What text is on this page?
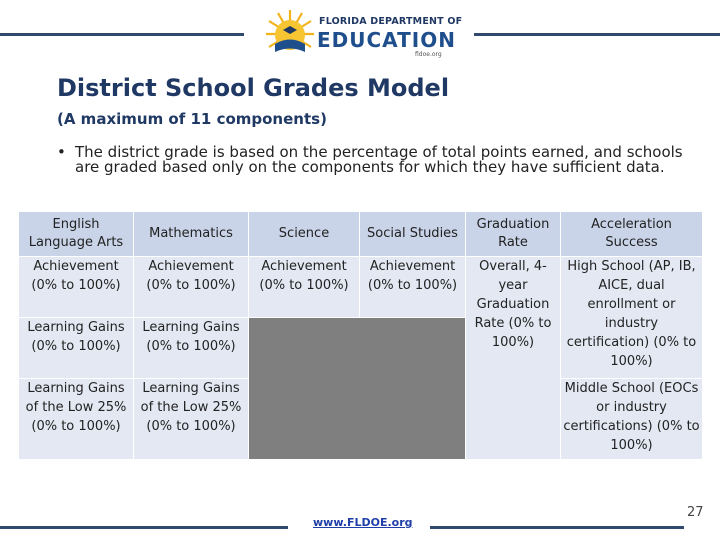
FLORIDA DEPARTMENT OF
EDUCATION
fldoe.org
District School Grades Model
(A maximum of 11 components)
• The district grade is based on the percentage of total points earned, and schools are graded based only on the components for which they have sufficient data.
English Language Arts	Mathematics	Science	Social Studies	Graduation Rate	Acceleration Success
Achievement (0% to 100%)	Achievement (0% to 100%)	Achievement (0% to 100%)	Achievement (0% to 100%)	Overall, 4-year Graduation Rate (0% to 100%)	High School (AP, IB, AICE, dual enrollment or industry certification) (0% to 100%)
Learning Gains (0% to 100%)	Learning Gains (0% to 100%)				
Learning Gains of the Low 25% (0% to 100%)	Learning Gains of the Low 25% (0% to 100%)				Middle School (EOCs or industry certifications) (0% to 100%)
www.FLDOE.org
27
